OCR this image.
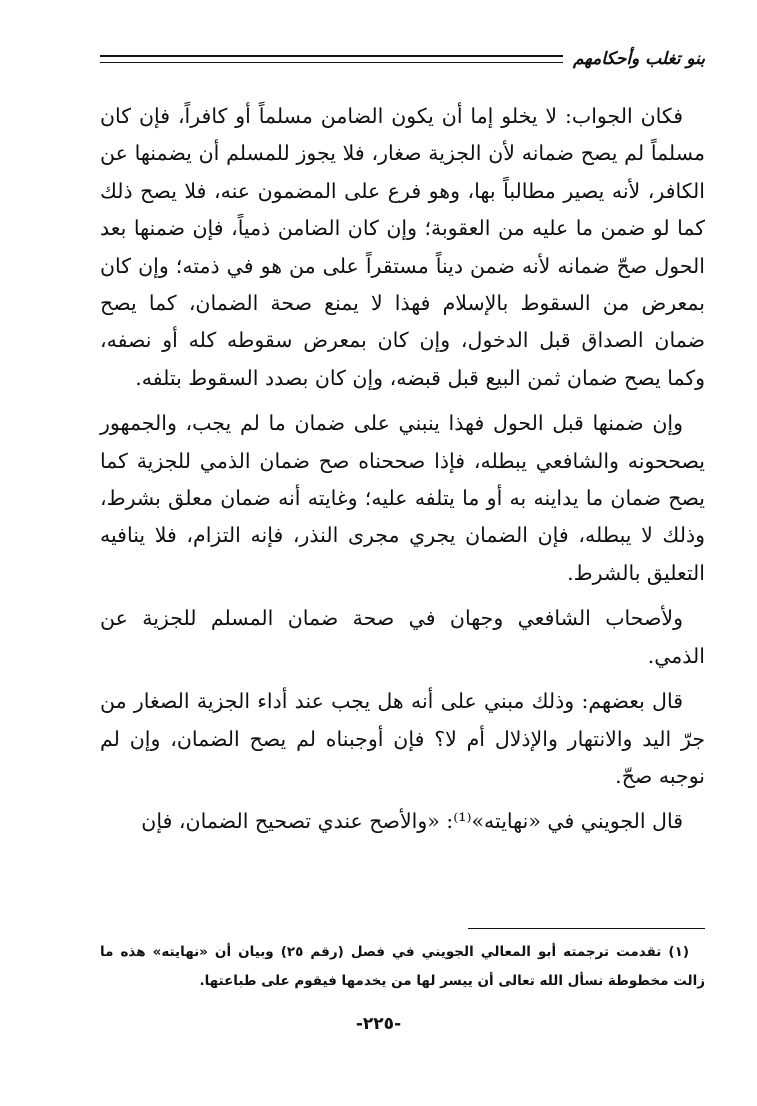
بنو تغلب وأحكامهم

فكان الجواب: لا يخلو إما أن يكون الضامن مسلماً أو كافراً، فإن كان مسلماً لم يصح ضمانه لأن الجزية صغار، فلا يجوز للمسلم أن يضمنها عن الكافر، لأنه يصير مطالباً بها، وهو فرع على المضمون عنه، فلا يصح ذلك كما لو ضمن ما عليه من العقوبة؛ وإن كان الضامن ذمياً، فإن ضمنها بعد الحول صحّ ضمانه لأنه ضمن ديناً مستقراً على من هو في ذمته؛ وإن كان بمعرض من السقوط بالإسلام فهذا لا يمنع صحة الضمان، كما يصح ضمان الصداق قبل الدخول، وإن كان بمعرض سقوطه كله أو نصفه، وكما يصح ضمان ثمن البيع قبل قبضه، وإن كان بصدد السقوط بتلفه.

وإن ضمنها قبل الحول فهذا ينبني على ضمان ما لم يجب، والجمهور يصححونه والشافعي يبطله، فإذا صححناه صح ضمان الذمي للجزية كما يصح ضمان ما يداينه به أو ما يتلفه عليه؛ وغايته أنه ضمان معلق بشرط، وذلك لا يبطله، فإن الضمان يجري مجرى النذر، فإنه التزام، فلا ينافيه التعليق بالشرط.

ولأصحاب الشافعي وجهان في صحة ضمان المسلم للجزية عن الذمي.

قال بعضهم: وذلك مبني على أنه هل يجب عند أداء الجزية الصغار من جرّ اليد والانتهار والإذلال أم لا؟ فإن أوجبناه لم يصح الضمان، وإن لم نوجبه صحّ.

قال الجويني في «نهايته»⁽¹⁾: «والأصح عندي تصحيح الضمان، فإن

(١) تقدمت ترجمته أبو المعالي الجويني في فصل (رقم ٢٥) وبيان أن «نهايته» هذه ما زالت مخطوطة نسأل الله تعالى أن ييسر لها من يخدمها فيقوم على طباعتها.
-٢٢٥-
